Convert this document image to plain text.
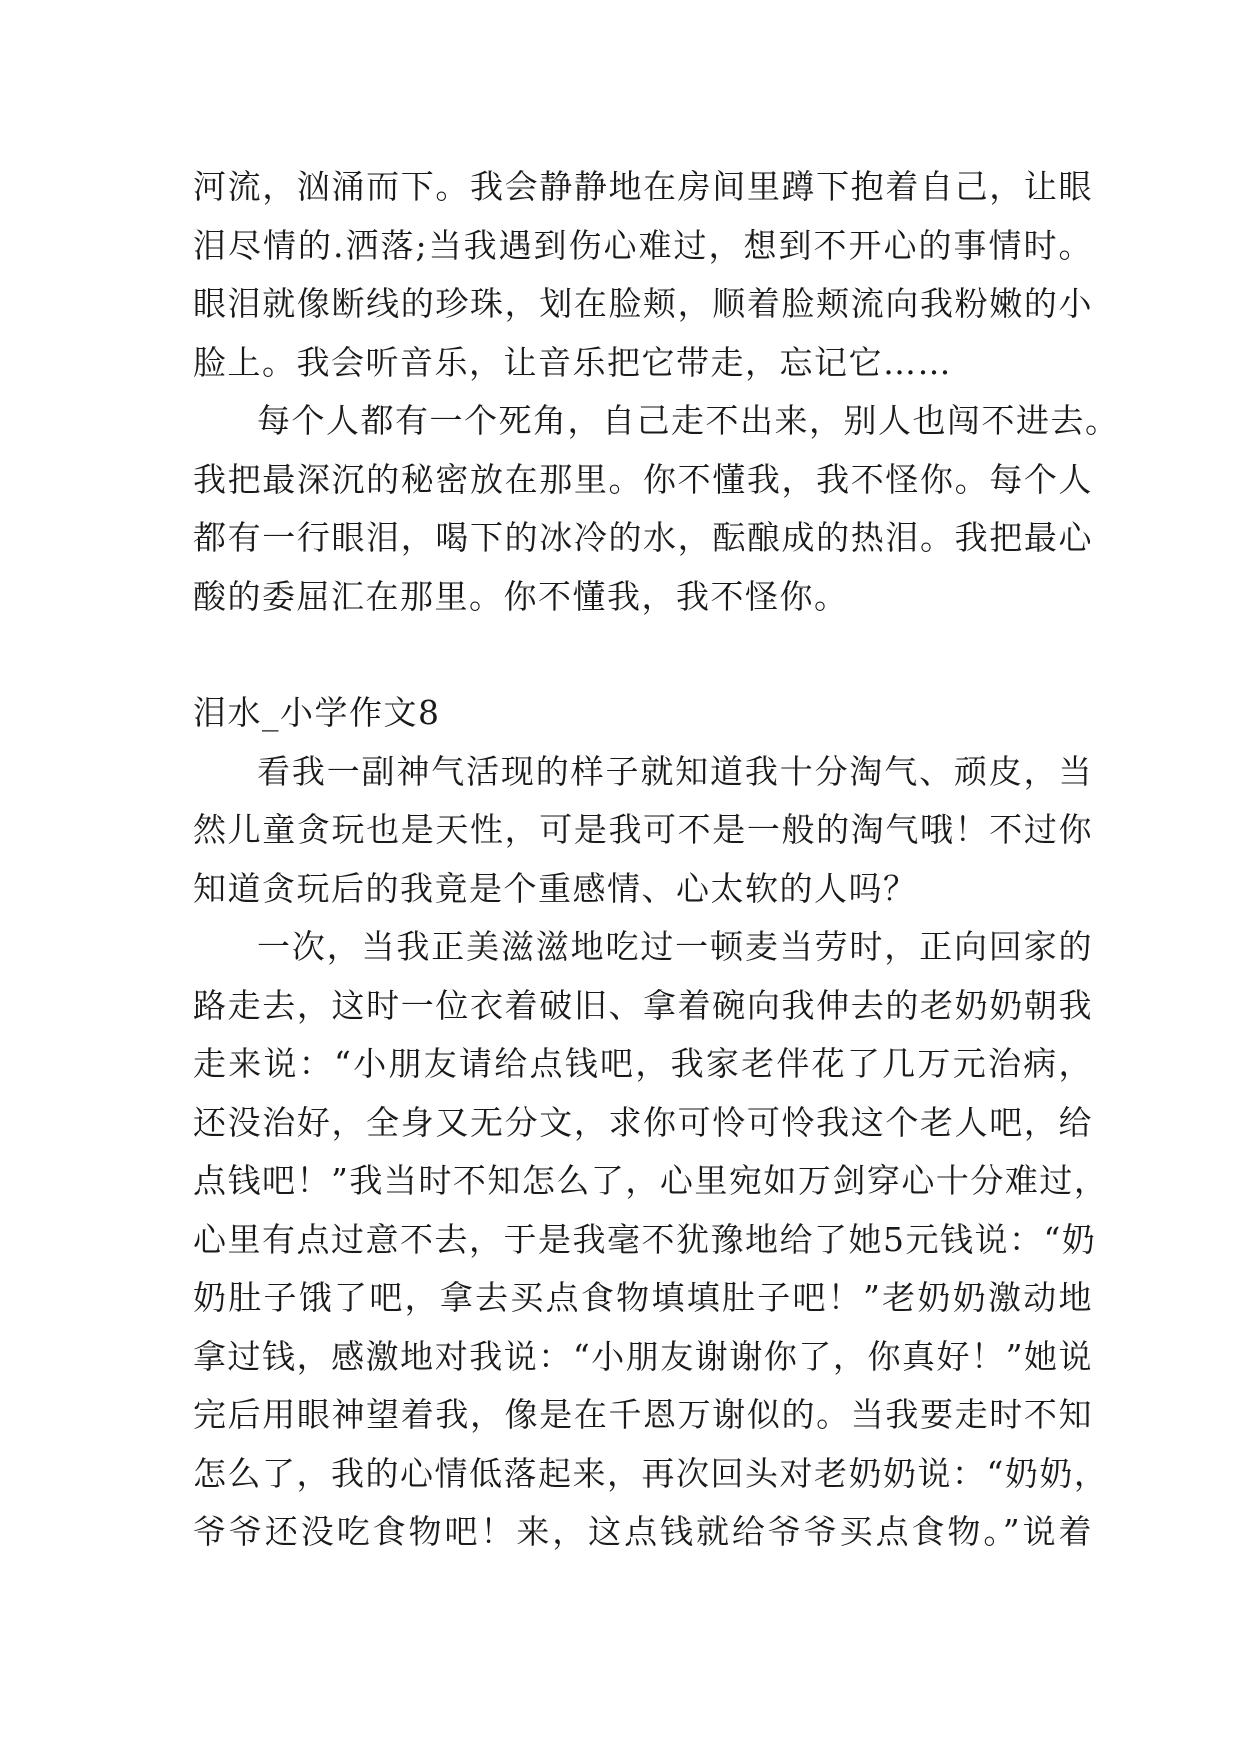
河流，汹涌而下。我会静静地在房间里蹲下抱着自己，让眼
泪尽情的.洒落;当我遇到伤心难过，想到不开心的事情时。
眼泪就像断线的珍珠，划在脸颊，顺着脸颊流向我粉嫩的小
脸上。我会听音乐，让音乐把它带走，忘记它……
每个人都有一个死角，自己走不出来，别人也闯不进去。
我把最深沉的秘密放在那里。你不懂我，我不怪你。每个人
都有一行眼泪，喝下的冰冷的水，酝酿成的热泪。我把最心
酸的委屈汇在那里。你不懂我，我不怪你。
泪水_小学作文8
看我一副神气活现的样子就知道我十分淘气、顽皮，当
然儿童贪玩也是天性，可是我可不是一般的淘气哦！不过你
知道贪玩后的我竟是个重感情、心太软的人吗？
一次，当我正美滋滋地吃过一顿麦当劳时，正向回家的
路走去，这时一位衣着破旧、拿着碗向我伸去的老奶奶朝我
走来说：“小朋友请给点钱吧，我家老伴花了几万元治病，
还没治好，全身又无分文，求你可怜可怜我这个老人吧，给
点钱吧！”我当时不知怎么了，心里宛如万剑穿心十分难过，
心里有点过意不去，于是我毫不犹豫地给了她5元钱说：“奶
奶肚子饿了吧，拿去买点食物填填肚子吧！”老奶奶激动地
拿过钱，感激地对我说：“小朋友谢谢你了，你真好！”她说
完后用眼神望着我，像是在千恩万谢似的。当我要走时不知
怎么了，我的心情低落起来，再次回头对老奶奶说：“奶奶，
爷爷还没吃食物吧！来，这点钱就给爷爷买点食物。”说着
